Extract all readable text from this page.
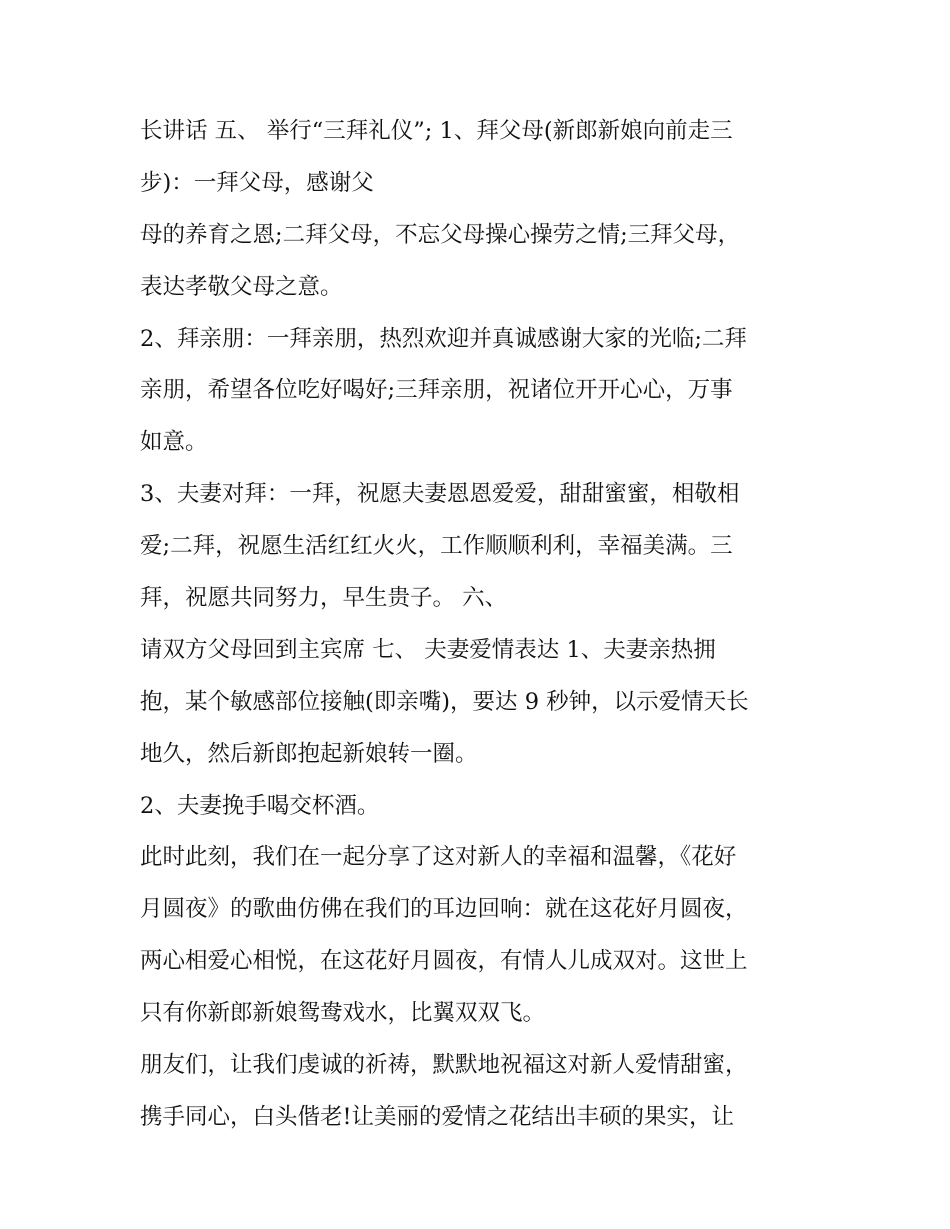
长讲话 五、 举行“三拜礼仪”; 1、拜父母(新郎新娘向前走三
步)：一拜父母，感谢父
母的养育之恩;二拜父母，不忘父母操心操劳之情;三拜父母，
表达孝敬父母之意。
2、拜亲朋：一拜亲朋，热烈欢迎并真诚感谢大家的光临;二拜
亲朋，希望各位吃好喝好;三拜亲朋，祝诸位开开心心，万事
如意。
3、夫妻对拜：一拜，祝愿夫妻恩恩爱爱，甜甜蜜蜜，相敬相
爱;二拜，祝愿生活红红火火，工作顺顺利利，幸福美满。三
拜，祝愿共同努力，早生贵子。 六、
请双方父母回到主宾席 七、 夫妻爱情表达 1、夫妻亲热拥
抱，某个敏感部位接触(即亲嘴)，要达 9 秒钟，以示爱情天长
地久，然后新郎抱起新娘转一圈。
2、夫妻挽手喝交杯酒。
此时此刻，我们在一起分享了这对新人的幸福和温馨，《花好
月圆夜》的歌曲仿佛在我们的耳边回响：就在这花好月圆夜，
两心相爱心相悦，在这花好月圆夜，有情人儿成双对。这世上
只有你新郎新娘鸳鸯戏水，比翼双双飞。
朋友们，让我们虔诚的祈祷，默默地祝福这对新人爱情甜蜜，
携手同心，白头偕老!让美丽的爱情之花结出丰硕的果实，让
